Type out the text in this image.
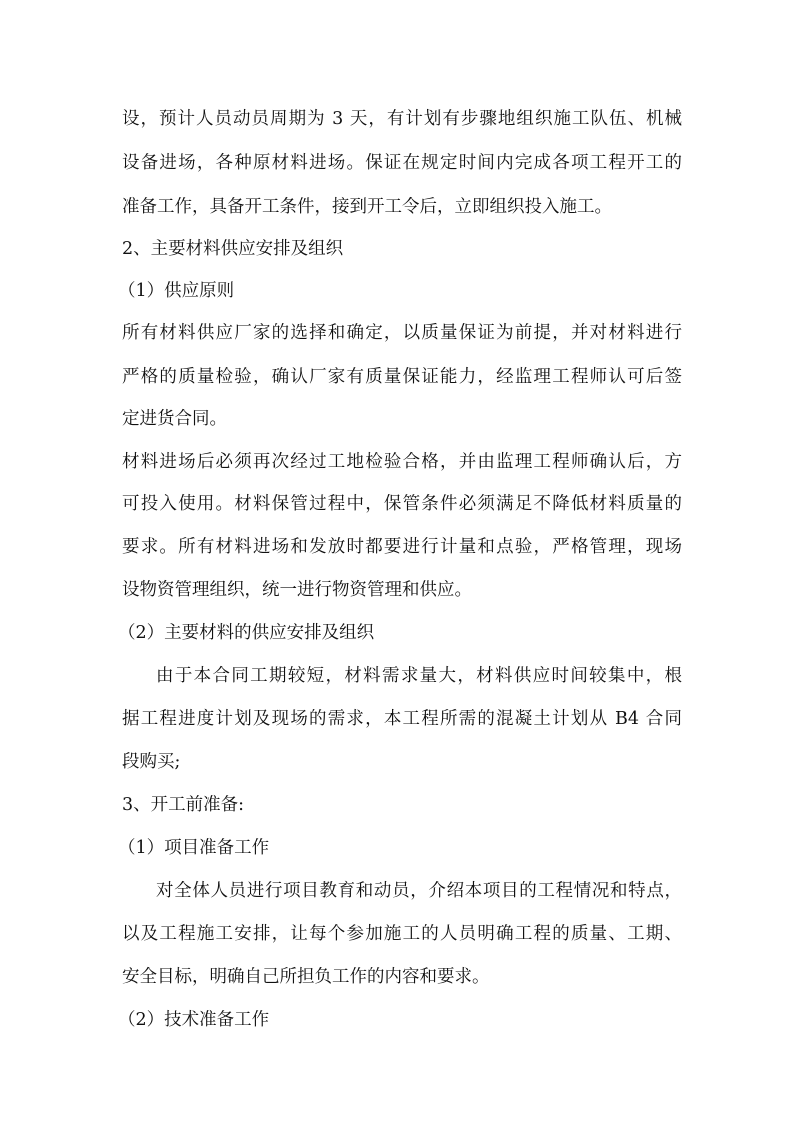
设，预计人员动员周期为 3 天，有计划有步骤地组织施工队伍、机械
设备进场，各种原材料进场。保证在规定时间内完成各项工程开工的
准备工作，具备开工条件，接到开工令后，立即组织投入施工。
2、主要材料供应安排及组织
（1）供应原则
所有材料供应厂家的选择和确定，以质量保证为前提，并对材料进行
严格的质量检验，确认厂家有质量保证能力，经监理工程师认可后签
定进货合同。
材料进场后必须再次经过工地检验合格，并由监理工程师确认后，方
可投入使用。材料保管过程中，保管条件必须满足不降低材料质量的
要求。所有材料进场和发放时都要进行计量和点验，严格管理，现场
设物资管理组织，统一进行物资管理和供应。
（2）主要材料的供应安排及组织
由于本合同工期较短，材料需求量大，材料供应时间较集中，根
据工程进度计划及现场的需求，本工程所需的混凝土计划从 B4 合同
段购买;
3、开工前准备:
（1）项目准备工作
对全体人员进行项目教育和动员，介绍本项目的工程情况和特点，
以及工程施工安排，让每个参加施工的人员明确工程的质量、工期、
安全目标，明确自己所担负工作的内容和要求。
（2）技术准备工作
